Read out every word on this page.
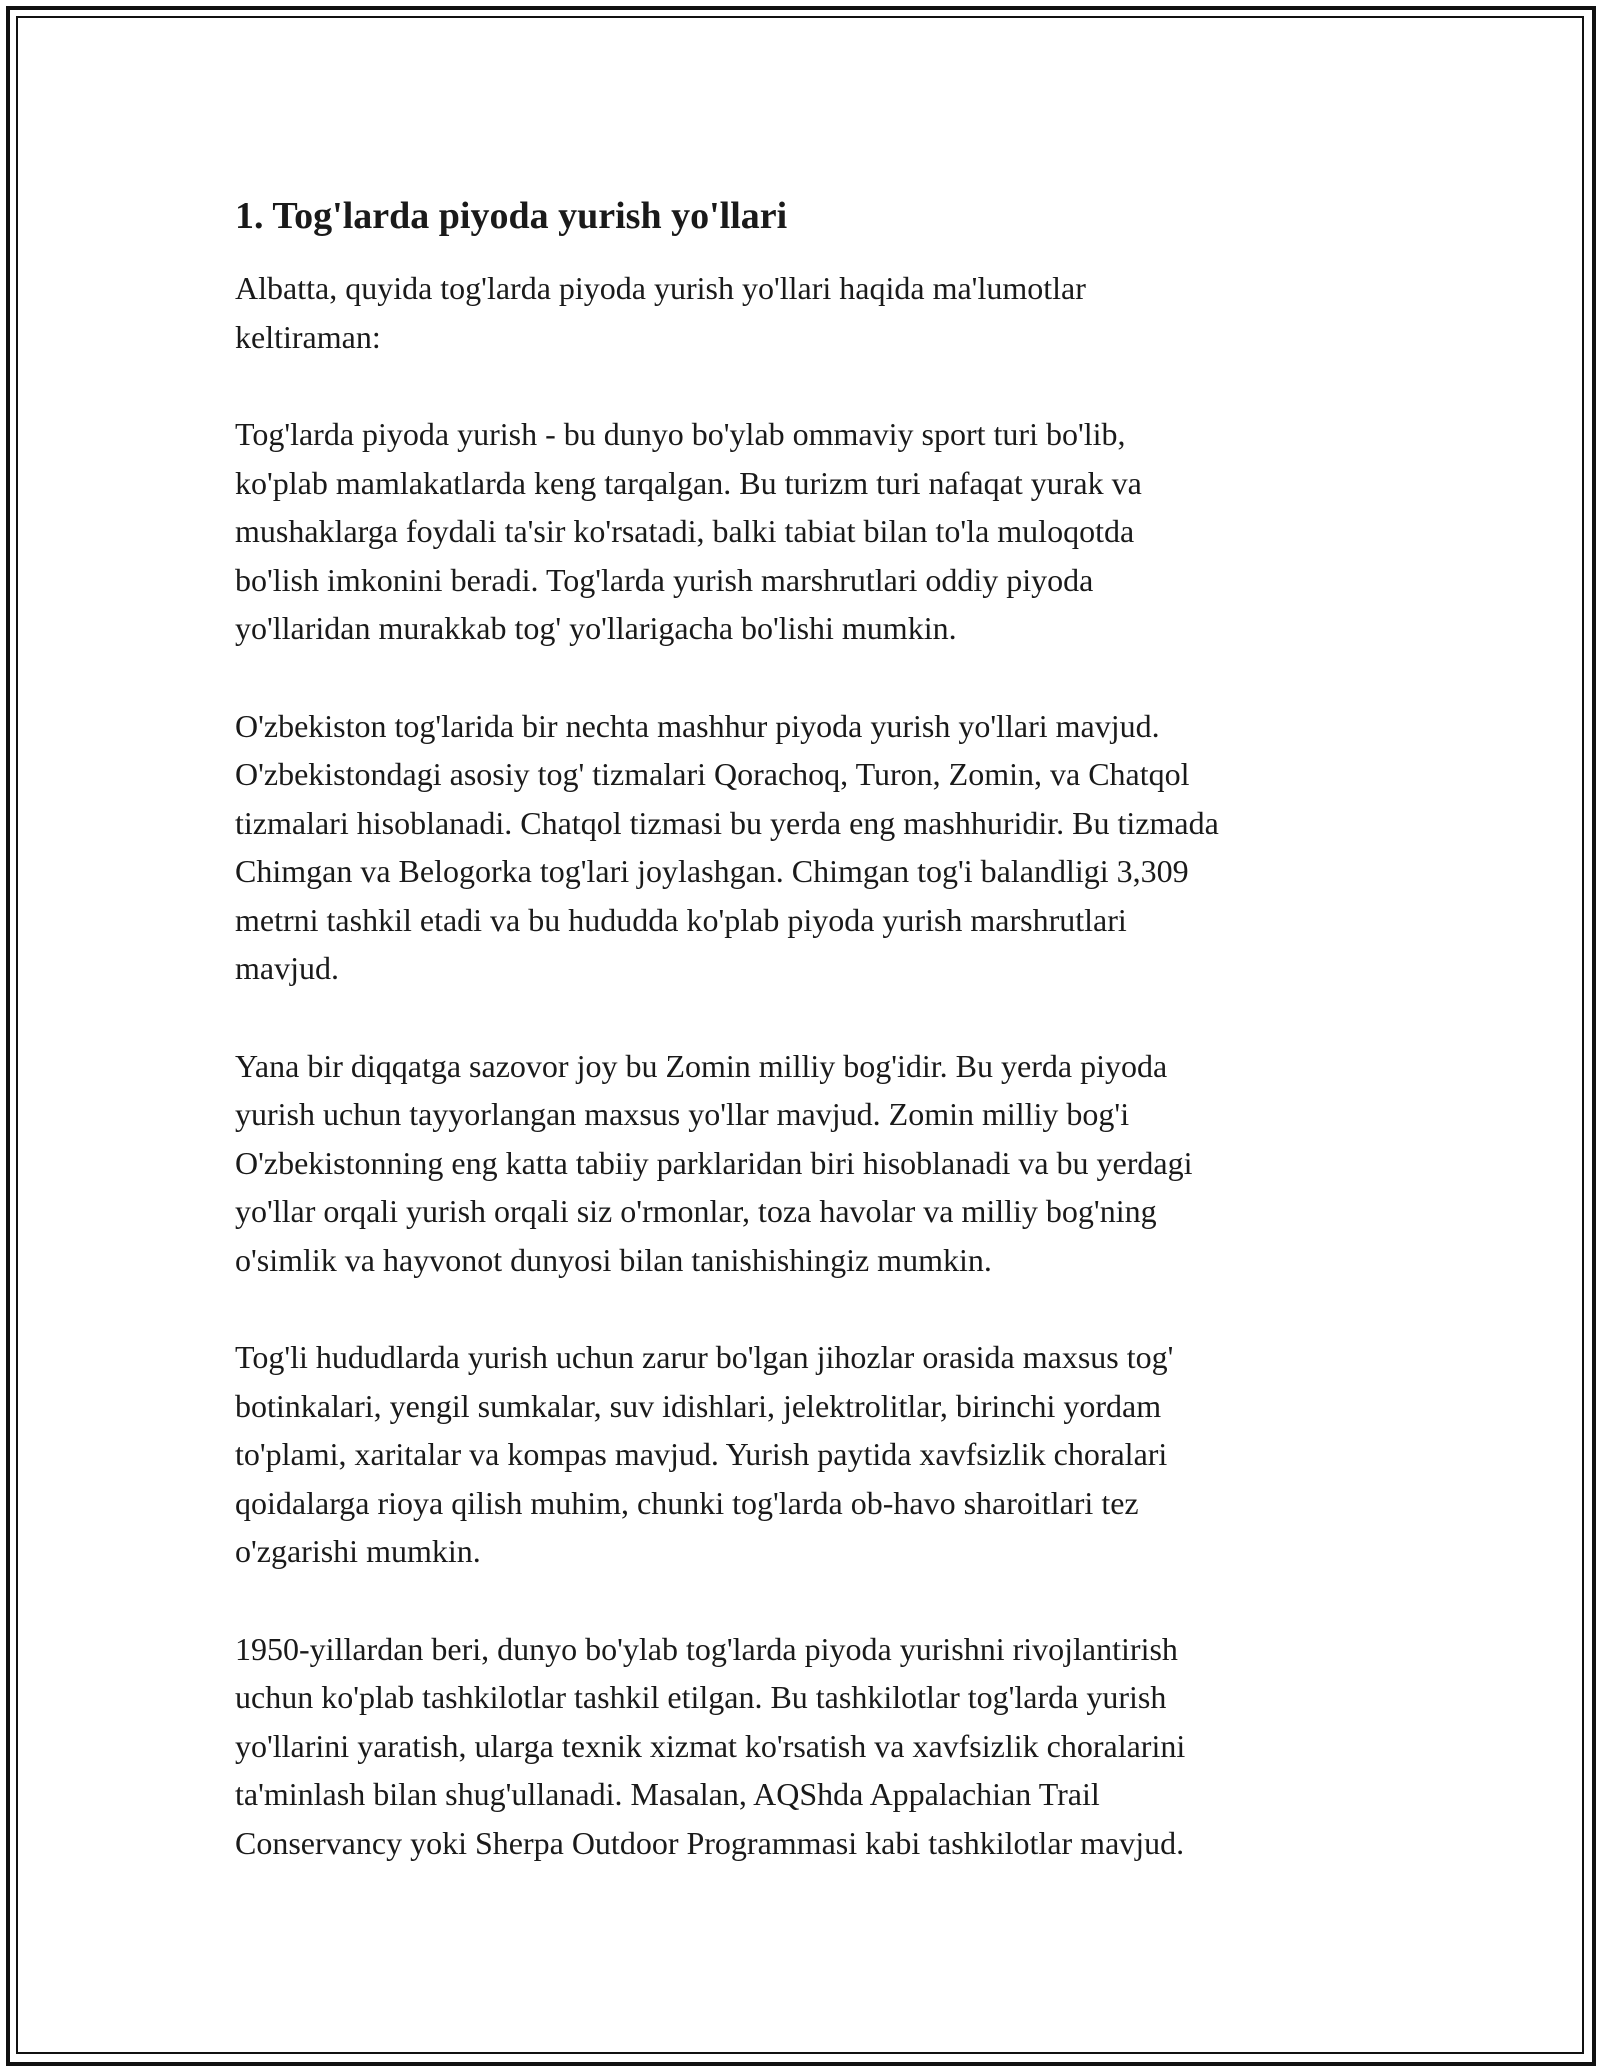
1. Tog'larda piyoda yurish yo'llari

Albatta, quyida tog'larda piyoda yurish yo'llari haqida ma'lumotlar
keltiraman:

Tog'larda piyoda yurish - bu dunyo bo'ylab ommaviy sport turi bo'lib,
ko'plab mamlakatlarda keng tarqalgan. Bu turizm turi nafaqat yurak va
mushaklarga foydali ta'sir ko'rsatadi, balki tabiat bilan to'la muloqotda
bo'lish imkonini beradi. Tog'larda yurish marshrutlari oddiy piyoda
yo'llaridan murakkab tog' yo'llarigacha bo'lishi mumkin.

O'zbekiston tog'larida bir nechta mashhur piyoda yurish yo'llari mavjud.
O'zbekistondagi asosiy tog' tizmalari Qorachoq, Turon, Zomin, va Chatqol
tizmalari hisoblanadi. Chatqol tizmasi bu yerda eng mashhuridir. Bu tizmada
Chimgan va Belogorka tog'lari joylashgan. Chimgan tog'i balandligi 3,309
metrni tashkil etadi va bu hududda ko'plab piyoda yurish marshrutlari
mavjud.

Yana bir diqqatga sazovor joy bu Zomin milliy bog'idir. Bu yerda piyoda
yurish uchun tayyorlangan maxsus yo'llar mavjud. Zomin milliy bog'i
O'zbekistonning eng katta tabiiy parklaridan biri hisoblanadi va bu yerdagi
yo'llar orqali yurish orqali siz o'rmonlar, toza havolar va milliy bog'ning
o'simlik va hayvonot dunyosi bilan tanishishingiz mumkin.

Tog'li hududlarda yurish uchun zarur bo'lgan jihozlar orasida maxsus tog'
botinkalari, yengil sumkalar, suv idishlari, jelektrolitlar, birinchi yordam
to'plami, xaritalar va kompas mavjud. Yurish paytida xavfsizlik choralari
qoidalarga rioya qilish muhim, chunki tog'larda ob-havo sharoitlari tez
o'zgarishi mumkin.

1950-yillardan beri, dunyo bo'ylab tog'larda piyoda yurishni rivojlantirish
uchun ko'plab tashkilotlar tashkil etilgan. Bu tashkilotlar tog'larda yurish
yo'llarini yaratish, ularga texnik xizmat ko'rsatish va xavfsizlik choralarini
ta'minlash bilan shug'ullanadi. Masalan, AQShda Appalachian Trail
Conservancy yoki Sherpa Outdoor Programmasi kabi tashkilotlar mavjud.
